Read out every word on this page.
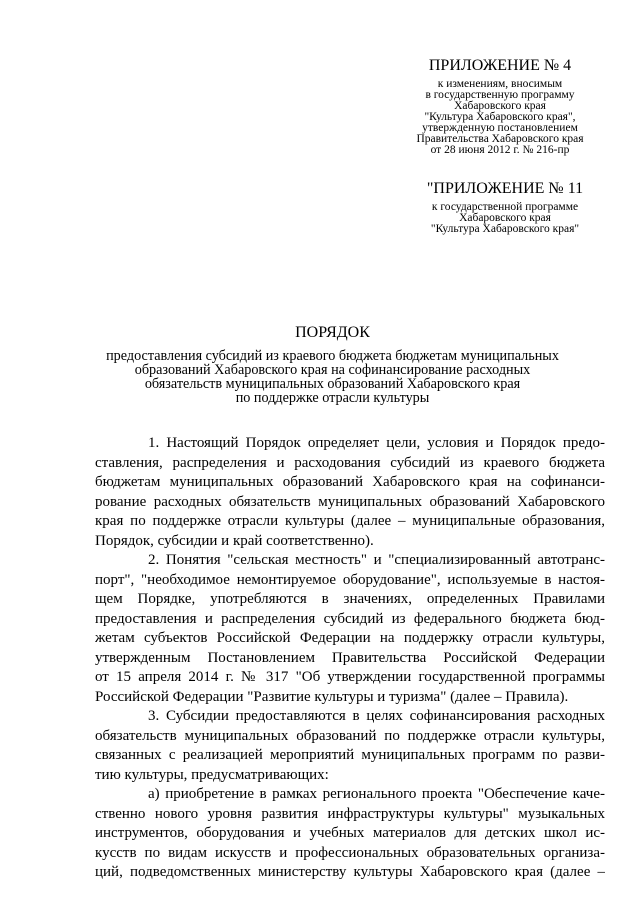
ПРИЛОЖЕНИЕ № 4
к изменениям, вносимым
в государственную программу
Хабаровского края
"Культура Хабаровского края",
утвержденную постановлением
Правительства Хабаровского края
от 28 июня 2012 г. № 216-пр
"ПРИЛОЖЕНИЕ № 11
к государственной программе
Хабаровского края
"Культура Хабаровского края"
ПОРЯДОК
предоставления субсидий из краевого бюджета бюджетам муниципальных
образований Хабаровского края на софинансирование расходных
обязательств муниципальных образований Хабаровского края
по поддержке отрасли культуры
1. Настоящий Порядок определяет цели, условия и Порядок предо-
ставления, распределения и расходования субсидий из краевого бюджета
бюджетам муниципальных образований Хабаровского края на софинанси-
рование расходных обязательств муниципальных образований Хабаровского
края по поддержке отрасли культуры (далее – муниципальные образования,
Порядок, субсидии и край соответственно).
2. Понятия "сельская местность" и "специализированный автотранс-
порт", "необходимое немонтируемое оборудование", используемые в настоя-
щем Порядке, употребляются в значениях, определенных Правилами
предоставления и распределения субсидий из федерального бюджета бюд-
жетам субъектов Российской Федерации на поддержку отрасли культуры,
утвержденным Постановлением Правительства Российской Федерации
от 15 апреля 2014 г. № 317 "Об утверждении государственной программы
Российской Федерации "Развитие культуры и туризма" (далее – Правила).
3. Субсидии предоставляются в целях софинансирования расходных
обязательств муниципальных образований по поддержке отрасли культуры,
связанных с реализацией мероприятий муниципальных программ по разви-
тию культуры, предусматривающих:
а) приобретение в рамках регионального проекта "Обеспечение каче-
ственно нового уровня развития инфраструктуры культуры" музыкальных
инструментов, оборудования и учебных материалов для детских школ ис-
кусств по видам искусств и профессиональных образовательных организа-
ций, подведомственных министерству культуры Хабаровского края (далее –
